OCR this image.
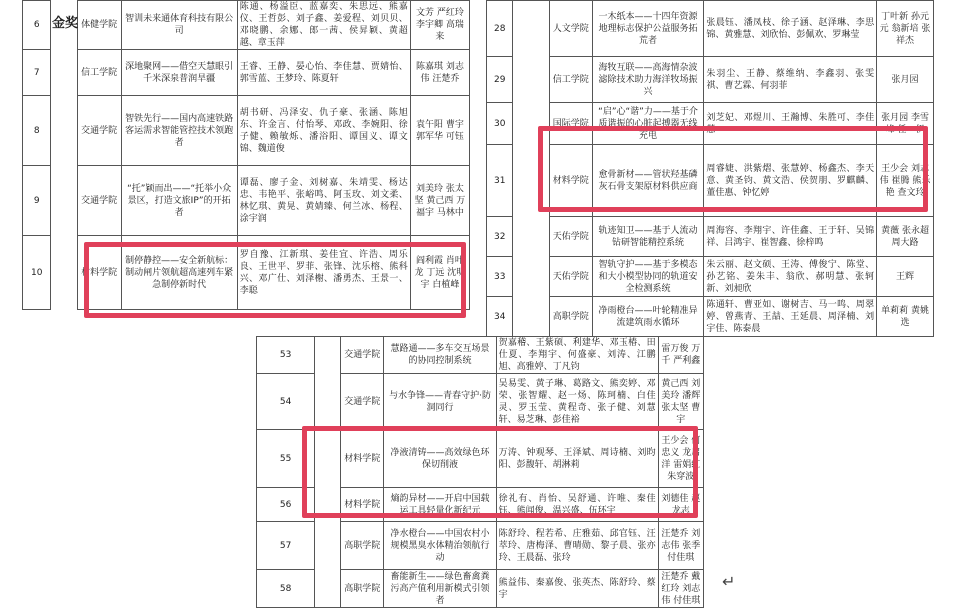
6		体健学院	智训未来通体育科技有限公司	陈通、杨溢臣、蓝嘉奕、朱思远、熊嘉仪、王哲彭、刘子鑫、姜爱程、刘贝贝、邓晓鹏、余娜、郎一茜、侯昇颖、黄超越、章玉萍	文芳 严红玲 李宇卿 高瑞来
7		信工学院	深地聚网——借空天慧眼引千米深泉普润旱疆	王睿、王静、晏心怡、李佳慧、贾婧怡、郭雪蓝、王梦玲、陈夏轩	陈嘉琪 刘志伟 汪楚乔
8		交通学院	智铁先行——国内高速铁路客运需求智能管控技术领跑者	胡书研、冯泽安、仇子豪、张涵、陈旭东、许金言、付怡琴、邓政、李婉阳、徐子健、赖敏烁、潘浴阳、谭国义、谭文锦、魏道俊	袁午阳 曹宇 郭军华 可钰
9		交通学院	“托”颖而出——“托举小众景区，打造文旅IP”的开拓者	谭磊、廖子金、刘树嘉、朱靖雯、杨达忠、韦艳平、张峪鸣、阿玉玫、刘文柔、林忆琪、黄晃、黄婧臻、何兰冰、杨程、涂宇润	刘美玲 张太坚 黄己西 万福宇 马林中
10		材料学院	制停静控——安全新航标：制动闸片领航超高速列车紧急制停新时代	罗自豫、江新琪、姜佳宜、许浩、周乐良、王世平、罗菲、张锋、沈乐榕、熊科兴、邓广仕、刘泽榭、潘勇杰、王景一、李聪	阎利霞 肖叶龙 丁远 沈明宇 白植峰
金奖	28		人文学院	一木纸本——十四年资源地理标志保护公益服务拓荒者	张晨钰、潘凤枝、徐子涵、赵泽琳、李思锦、黄雅慧、刘欣怡、彭佩欢、罗琳莹	丁叶新 孙元元 翁新培 张祥杰
29		信工学院	海牧互联——高海情杂波滤除技术助力海洋牧场振兴	朱羽尘、王静、蔡维纳、李鑫羽、张雯祺、曹艺霖、何羽菲	张月园
30		国际学院	“启”心“谐”力——基于介质谐振的心脏起搏器无线充电	刘芝妃、邓煜川、王瀚博、朱胜可、李佳慧	张月园 李雪峰 任一伊
31		材料学院	愈骨新材——管状羟基磷灰石骨支架原材料供应商	周睿婕、洪紫熠、张慧婷、杨鑫杰、李天意、黄圣钧、黄文浩、侯贺朋、罗麒麟、董佳惠、钟忆婷	王少会 刘志伟 崔腾 熊乐艳 查文玲
32		天佑学院	轨迹知卫——基于人流动钻研智能精控系统	周海容、李翔宇、许佳鑫、王于轩、吴锦祥、吕鸿宇、崔智鑫、徐梓鸣	黄薇 张永超 周大路
33		天佑学院	智轨守护——基于多模态和大小模型协同的轨道安全检测系统	朱云丽、赵文硕、王涛、傅俊宁、陈堂、孙艺铭、姜朱丰、翁欣、郝明慧、张轲新、刘昶欣	王辉
34		高职学院	净雨橙台——叶轮精准异流建筑雨水循环	陈通轩、曹亚如、谢树吉、马一鸣、周翠婷、曾燕青、王喆、王延晨、周泽楠、刘宇佳、陈泰晨	单莉莉 黄姚选
53		交通学院	慧路通——多车交互场景的协同控制系统	贺嘉稽、王紫硕、利建华、邓玉椿、田仕夏、李翔宇、何盛豪、刘涛、江鹏旭、高雅婷、丁凡钧	雷万俊 万千 严利鑫
54		交通学院	与水争锋——青春守护·防洞同行	吴易雯、黄子琳、葛路文、熊奕婷、邓荣、张智耀、赵一炀、陈珂楠、白佳灵、罗玉莹、黄程奇、张子健、刘慧轩、易芝琳、彭佳裕	黄己西 刘美玲 潘辉 张太坚 曹宇
55		材料学院	净液清铸——高效绿色环保切削液	万涛、钟观琴、王泽斌、周诗楠、刘昀阳、彭馥轩、胡淋莉	王少会 何忠义 龙启洋 雷娟红 朱穿波
56		材料学院	熵韵异材——开启中国载运工具轻量化新纪元	徐礼有、肖怡、吴舒通、许唯、秦佳钰、熊闻俊、温兴盛、伍环宇	刘德佳 赵龙志
57		高职学院	净水橙台——中国农村小规模黑臭水体精治领航行动	陈舒玲、程若希、庄雅茹、邱官钰、汪萃玲、唐梅泽、曹晴勋、黎子晨、张亦玲、王晨磊、张玲	汪楚乔 刘志伟 张季 付佳琪
58		高职学院	畜能新生——绿色畜禽粪污高产值利用新模式引领者	熊益伟、秦嘉俊、张英杰、陈舒玲、蔡宇	汪楚乔 戴红玲 刘志伟 付佳琪
↵
